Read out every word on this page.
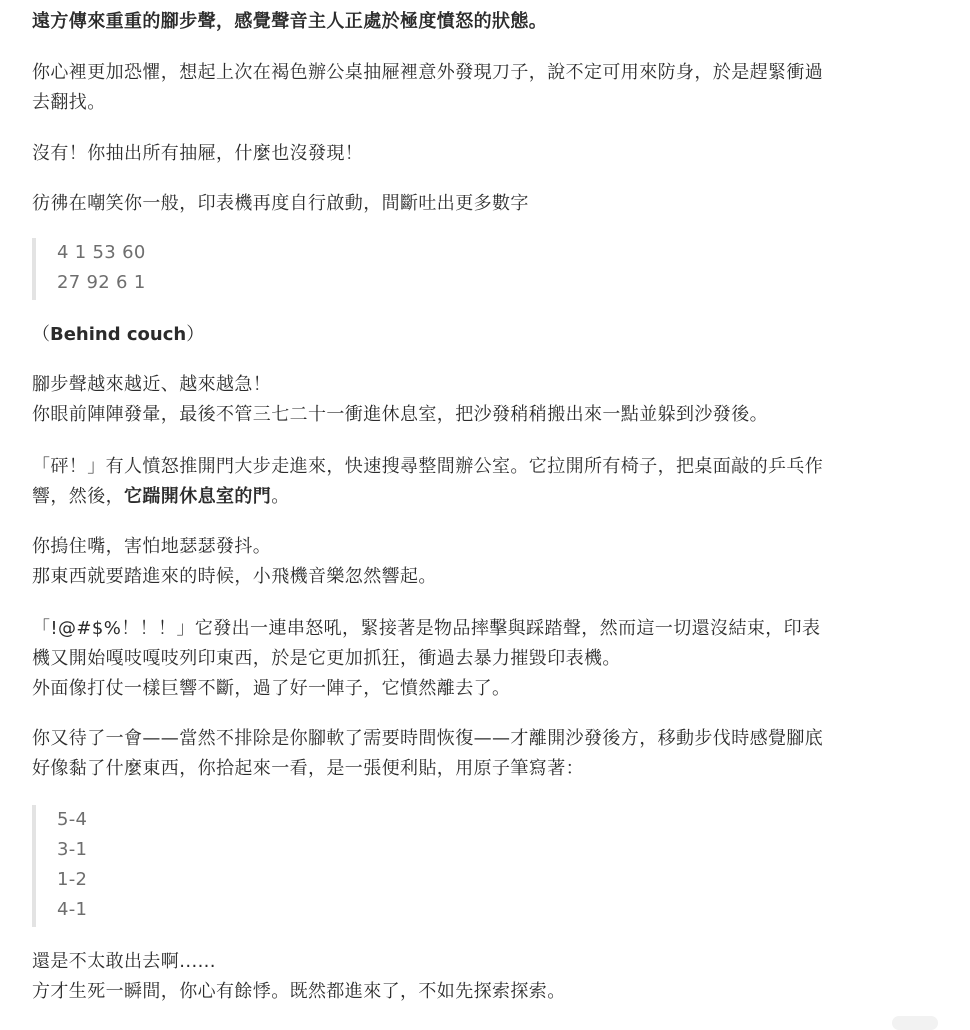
遠方傳來重重的腳步聲，感覺聲音主人正處於極度憤怒的狀態。

你心裡更加恐懼，想起上次在褐色辦公桌抽屜裡意外發現刀子，說不定可用來防身，於是趕緊衝過
去翻找。

沒有！你抽出所有抽屜，什麼也沒發現！

彷彿在嘲笑你一般，印表機再度自行啟動，間斷吐出更多數字

4 1 53 60

27 92 6 1

（Behind couch）

腳步聲越來越近、越來越急！
你眼前陣陣發暈，最後不管三七二十一衝進休息室，把沙發稍稍搬出來一點並躲到沙發後。

「砰！」有人憤怒推開門大步走進來，快速搜尋整間辦公室。它拉開所有椅子，把桌面敲的乒乓作
響，然後，它踹開休息室的門。

你摀住嘴，害怕地瑟瑟發抖。
那東西就要踏進來的時候，小飛機音樂忽然響起。

「!@#$%！！！」它發出一連串怒吼，緊接著是物品摔擊與踩踏聲，然而這一切還沒結束，印表
機又開始嘎吱嘎吱列印東西，於是它更加抓狂，衝過去暴力摧毀印表機。
外面像打仗一樣巨響不斷，過了好一陣子，它憤然離去了。

你又待了一會——當然不排除是你腳軟了需要時間恢復——才離開沙發後方，移動步伐時感覺腳底
好像黏了什麼東西，你拾起來一看，是一張便利貼，用原子筆寫著：

5-4

3-1

1-2

4-1

還是不太敢出去啊......
方才生死一瞬間，你心有餘悸。既然都進來了，不如先探索探索。
